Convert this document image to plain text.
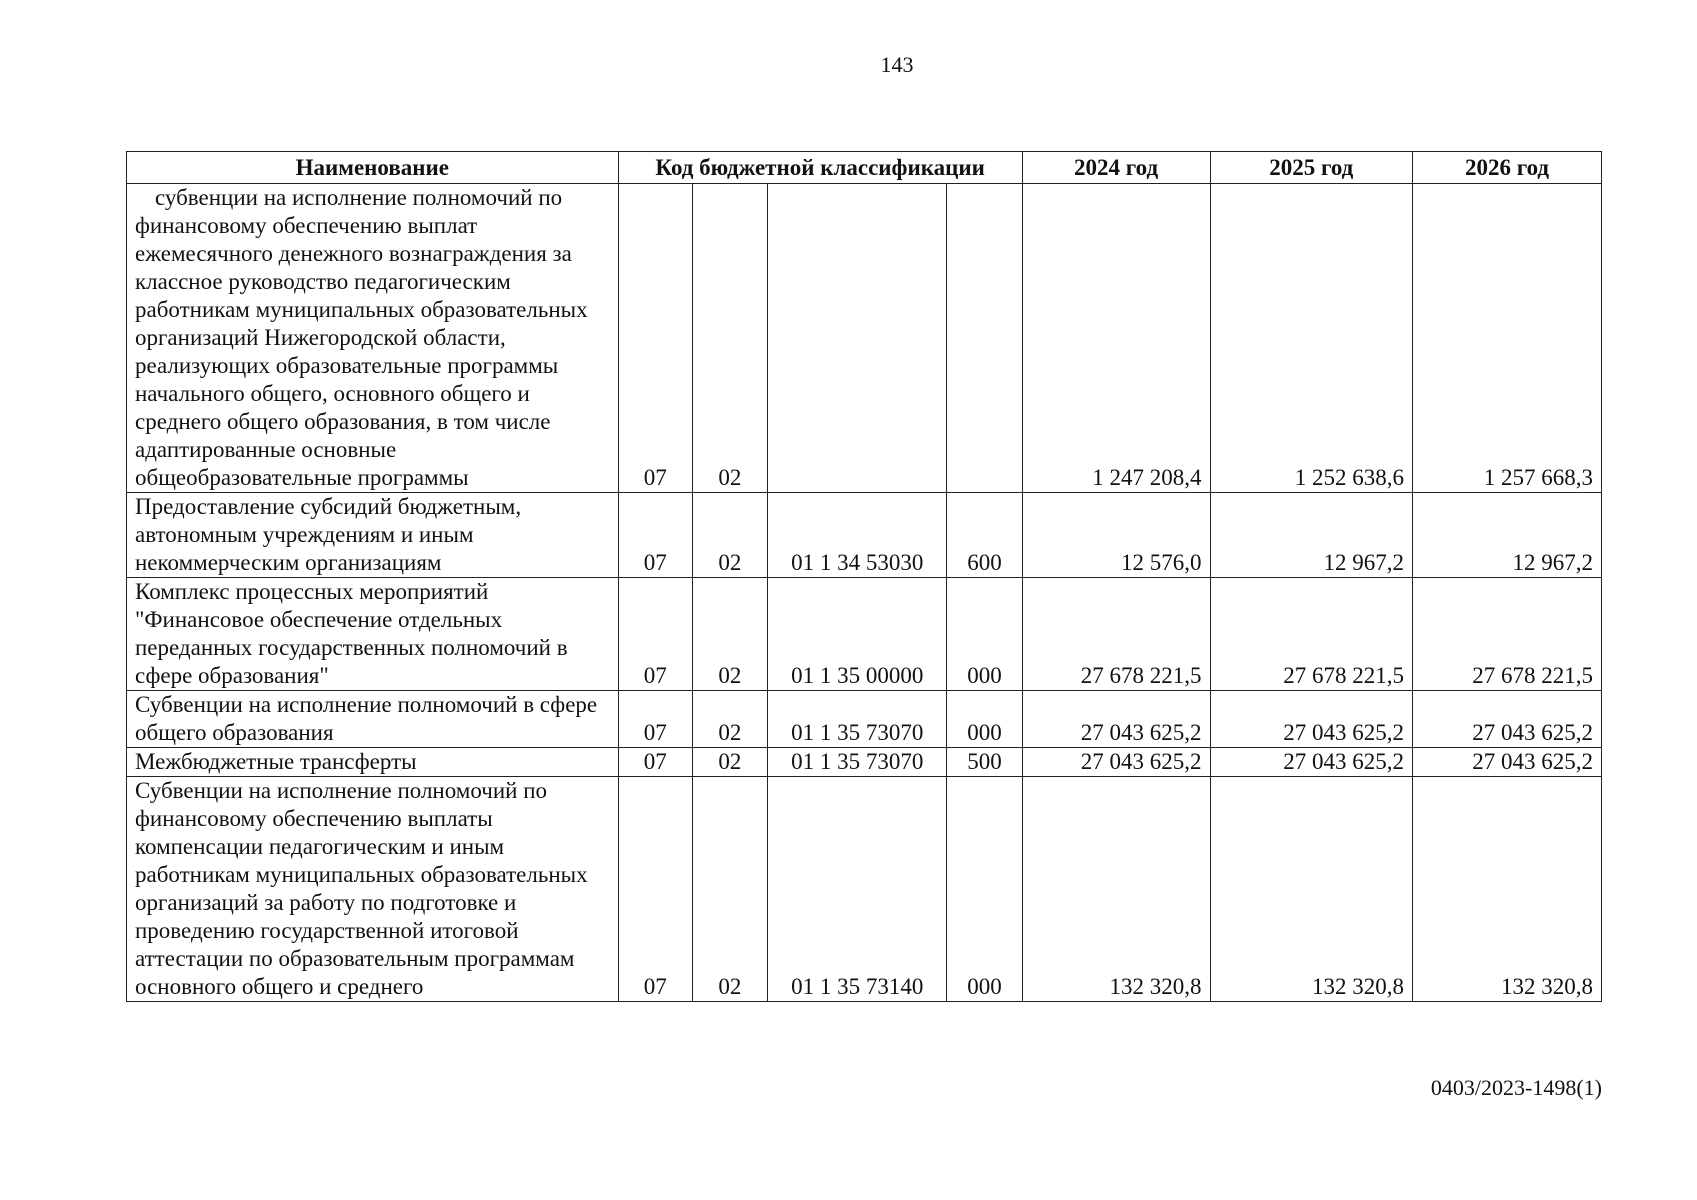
143
Наименование	Код бюджетной классификации				2024 год	2025 год	2026 год

субвенции на исполнение полномочий по финансовому обеспечению выплат ежемесячного денежного вознаграждения за классное руководство педагогическим работникам муниципальных образовательных организаций Нижегородской области, реализующих образовательные программы начального общего, основного общего и среднего общего образования, в том числе адаптированные основные общеобразовательные программы	07	02			1 247 208,4	1 252 638,6	1 257 668,3
Предоставление субсидий бюджетным, автономным учреждениям и иным некоммерческим организациям	07	02	01 1 34 53030	600	12 576,0	12 967,2	12 967,2
Комплекс процессных мероприятий "Финансовое обеспечение отдельных переданных государственных полномочий в сфере образования"	07	02	01 1 35 00000	000	27 678 221,5	27 678 221,5	27 678 221,5
Субвенции на исполнение полномочий в сфере общего образования	07	02	01 1 35 73070	000	27 043 625,2	27 043 625,2	27 043 625,2
Межбюджетные трансферты	07	02	01 1 35 73070	500	27 043 625,2	27 043 625,2	27 043 625,2
Субвенции на исполнение полномочий по финансовому обеспечению выплаты компенсации педагогическим и иным работникам муниципальных образовательных организаций за работу по подготовке и проведению государственной итоговой аттестации по образовательным программам основного общего и среднего	07	02	01 1 35 73140	000	132 320,8	132 320,8	132 320,8
0403/2023-1498(1)
